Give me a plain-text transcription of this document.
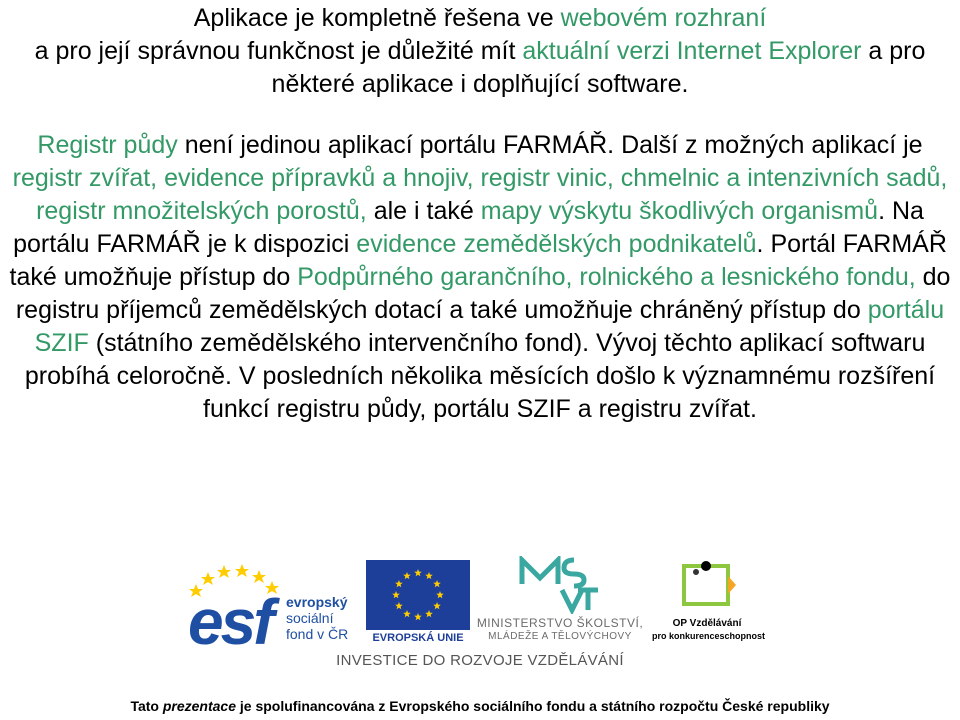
Aplikace je kompletně řešena ve webovém rozhraní
a pro její správnou funkčnost je důležité mít aktuální verzi Internet Explorer a pro některé aplikace i doplňující software.
Registr půdy není jedinou aplikací portálu FARMÁŘ. Další z možných aplikací je registr zvířat, evidence přípravků a hnojiv, registr vinic, chmelnic a intenzivních sadů, registr množitelských porostů, ale i také mapy výskytu škodlivých organismů. Na portálu FARMÁŘ je k dispozici evidence zemědělských podnikatelů. Portál FARMÁŘ také umožňuje přístup do Podpůrného garančního, rolnického a lesnického fondu, do registru příjemců zemědělských dotací a také umožňuje chráněný přístup do portálu SZIF (státního zemědělského intervenčního fond). Vývoj těchto aplikací softwaru probíhá celoročně. V posledních několika měsících došlo k významnému rozšíření funkcí registru půdy, portálu SZIF a registru zvířat.
esf evropský
sociální
fond v ČR	EVROPSKÁ UNIE
MINISTERSTVO ŠKOLSTVÍ,
MLÁDEŽE A TĚLOVÝCHOVY
OP Vzdělávání
pro konkurenceschopnost
INVESTICE DO ROZVOJE VZDĚLÁVÁNÍ
Tato prezentace je spolufinancována z Evropského sociálního fondu a státního rozpočtu České republiky
